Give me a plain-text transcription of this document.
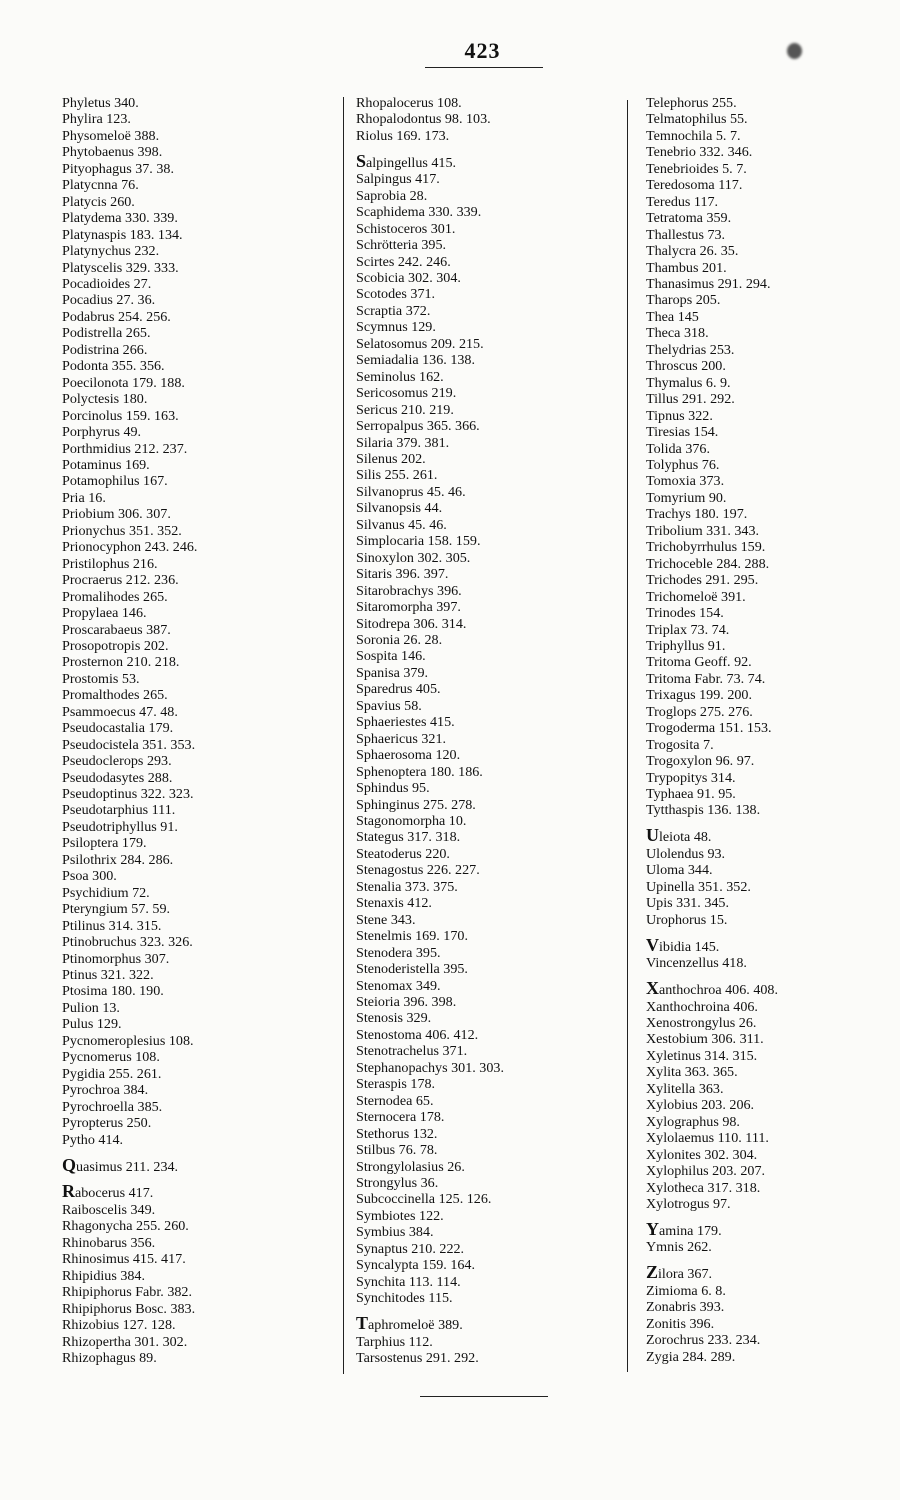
423
Phyletus 340.
Phylira 123.
Physomeloë 388.
Phytobaenus 398.
Pityophagus 37. 38.
Platycnna 76.
Platycis 260.
Platydema 330. 339.
Platynaspis 183. 134.
Platynychus 232.
Platyscelis 329. 333.
Pocadioides 27.
Pocadius 27. 36.
Podabrus 254. 256.
Podistrella 265.
Podistrina 266.
Podonta 355. 356.
Poecilonota 179. 188.
Polyctesis 180.
Porcinolus 159. 163.
Porphyrus 49.
Porthmidius 212. 237.
Potaminus 169.
Potamophilus 167.
Pria 16.
Priobium 306. 307.
Prionychus 351. 352.
Prionocyphon 243. 246.
Pristilophus 216.
Procraerus 212. 236.
Promalihodes 265.
Propylaea 146.
Proscarabaeus 387.
Prosopotropis 202.
Prosternon 210. 218.
Prostomis 53.
Promalthodes 265.
Psammoecus 47. 48.
Pseudocastalia 179.
Pseudocistela 351. 353.
Pseudoclerops 293.
Pseudodasytes 288.
Pseudoptinus 322. 323.
Pseudotarphius 111.
Pseudotriphyllus 91.
Psiloptera 179.
Psilothrix 284. 286.
Psoa 300.
Psychidium 72.
Pteryngium 57. 59.
Ptilinus 314. 315.
Ptinobruchus 323. 326.
Ptinomorphus 307.
Ptinus 321. 322.
Ptosima 180. 190.
Pulion 13.
Pulus 129.
Pycnomeroplesius 108.
Pycnomerus 108.
Pygidia 255. 261.
Pyrochroa 384.
Pyrochroella 385.
Pyropterus 250.
Pytho 414.
Quasimus 211. 234.
Rabocerus 417.
Raiboscelis 349.
Rhagonycha 255. 260.
Rhinobarus 356.
Rhinosimus 415. 417.
Rhipidius 384.
Rhipiphorus Fabr. 382.
Rhipiphorus Bosc. 383.
Rhizobius 127. 128.
Rhizopertha 301. 302.
Rhizophagus 89.
Rhopalocerus 108.
Rhopalodontus 98. 103.
Riolus 169. 173.
Salpingellus 415.
Salpingus 417.
Saprobia 28.
Scaphidema 330. 339.
Schistoceros 301.
Schrötteria 395.
Scirtes 242. 246.
Scobicia 302. 304.
Scotodes 371.
Scraptia 372.
Scymnus 129.
Selatosomus 209. 215.
Semiadalia 136. 138.
Seminolus 162.
Sericosomus 219.
Sericus 210. 219.
Serropalpus 365. 366.
Silaria 379. 381.
Silenus 202.
Silis 255. 261.
Silvanoprus 45. 46.
Silvanopsis 44.
Silvanus 45. 46.
Simplocaria 158. 159.
Sinoxylon 302. 305.
Sitaris 396. 397.
Sitarobrachys 396.
Sitaromorpha 397.
Sitodrepa 306. 314.
Soronia 26. 28.
Sospita 146.
Spanisa 379.
Sparedrus 405.
Spavius 58.
Sphaeriestes 415.
Sphaericus 321.
Sphaerosoma 120.
Sphenoptera 180. 186.
Sphindus 95.
Sphinginus 275. 278.
Stagonomorpha 10.
Stategus 317. 318.
Steatoderus 220.
Stenagostus 226. 227.
Stenalia 373. 375.
Stenaxis 412.
Stene 343.
Stenelmis 169. 170.
Stenodera 395.
Stenoderistella 395.
Stenomax 349.
Steioria 396. 398.
Stenosis 329.
Stenostoma 406. 412.
Stenotrachelus 371.
Stephanopachys 301. 303.
Steraspis 178.
Sternodea 65.
Sternocera 178.
Stethorus 132.
Stilbus 76. 78.
Strongylolasius 26.
Strongylus 36.
Subcoccinella 125. 126.
Symbiotes 122.
Symbius 384.
Synaptus 210. 222.
Syncalypta 159. 164.
Synchita 113. 114.
Synchitodes 115.
Taphromeloë 389.
Tarphius 112.
Tarsostenus 291. 292.
Telephorus 255.
Telmatophilus 55.
Temnochila 5. 7.
Tenebrio 332. 346.
Tenebrioides 5. 7.
Teredosoma 117.
Teredus 117.
Tetratoma 359.
Thallestus 73.
Thalycra 26. 35.
Thambus 201.
Thanasimus 291. 294.
Tharops 205.
Thea 145
Theca 318.
Thelydrias 253.
Throscus 200.
Thymalus 6. 9.
Tillus 291. 292.
Tipnus 322.
Tiresias 154.
Tolida 376.
Tolyphus 76.
Tomoxia 373.
Tomyrium 90.
Trachys 180. 197.
Tribolium 331. 343.
Trichobyrrhulus 159.
Trichoceble 284. 288.
Trichodes 291. 295.
Trichomeloë 391.
Trinodes 154.
Triplax 73. 74.
Triphyllus 91.
Tritoma Geoff. 92.
Tritoma Fabr. 73. 74.
Trixagus 199. 200.
Troglops 275. 276.
Trogoderma 151. 153.
Trogosita 7.
Trogoxylon 96. 97.
Trypopitys 314.
Typhaea 91. 95.
Tytthaspis 136. 138.
Uleiota 48.
Ulolendus 93.
Uloma 344.
Upinella 351. 352.
Upis 331. 345.
Urophorus 15.
Vibidia 145.
Vincenzellus 418.
Xanthochroa 406. 408.
Xanthochroina 406.
Xenostrongylus 26.
Xestobium 306. 311.
Xyletinus 314. 315.
Xylita 363. 365.
Xylitella 363.
Xylobius 203. 206.
Xylographus 98.
Xylolaemus 110. 111.
Xylonites 302. 304.
Xylophilus 203. 207.
Xylotheca 317. 318.
Xylotrogus 97.
Yamina 179.
Ymnis 262.
Zilora 367.
Zimioma 6. 8.
Zonabris 393.
Zonitis 396.
Zorochrus 233. 234.
Zygia 284. 289.
